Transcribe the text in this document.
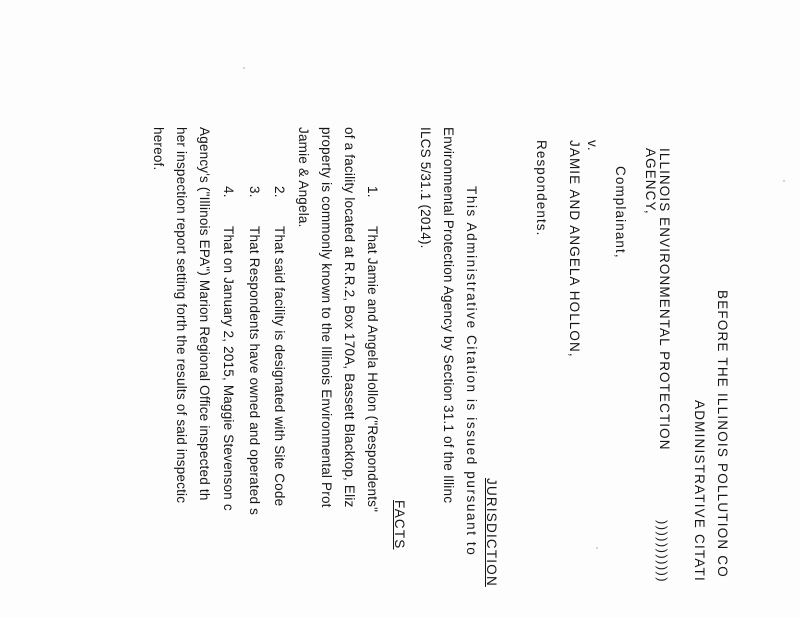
BEFORE THE ILLINOIS POLLUTION CO
ADMINISTRATIVE CITATI
ILLINOIS ENVIRONMENTAL PROTECTION
AGENCY,
Complainant,
v.
JAMIE AND ANGELA HOLLON,
Respondents.
)))))))))))
JURISDICTION
This Administrative Citation is issued pursuant to
Environmental Protection Agency by Section 31.1 of the Illinc
ILCS 5/31.1 (2014).
FACTS
1.
That Jamie and Angela Hollon ("Respondents"
of a facility located at R.R.2, Box 170A, Bassett Blacktop, Eliz
property is commonly known to the Illinois Environmental Prot
Jamie & Angela.
2.
That said facility is designated with Site Code
3.
That Respondents have owned and operated s
4.
That on January 2, 2015, Maggie Stevenson c
Agency's ("Illinois EPA") Marion Regional Office inspected th
her inspection report setting forth the results of said inspectic
hereof.
